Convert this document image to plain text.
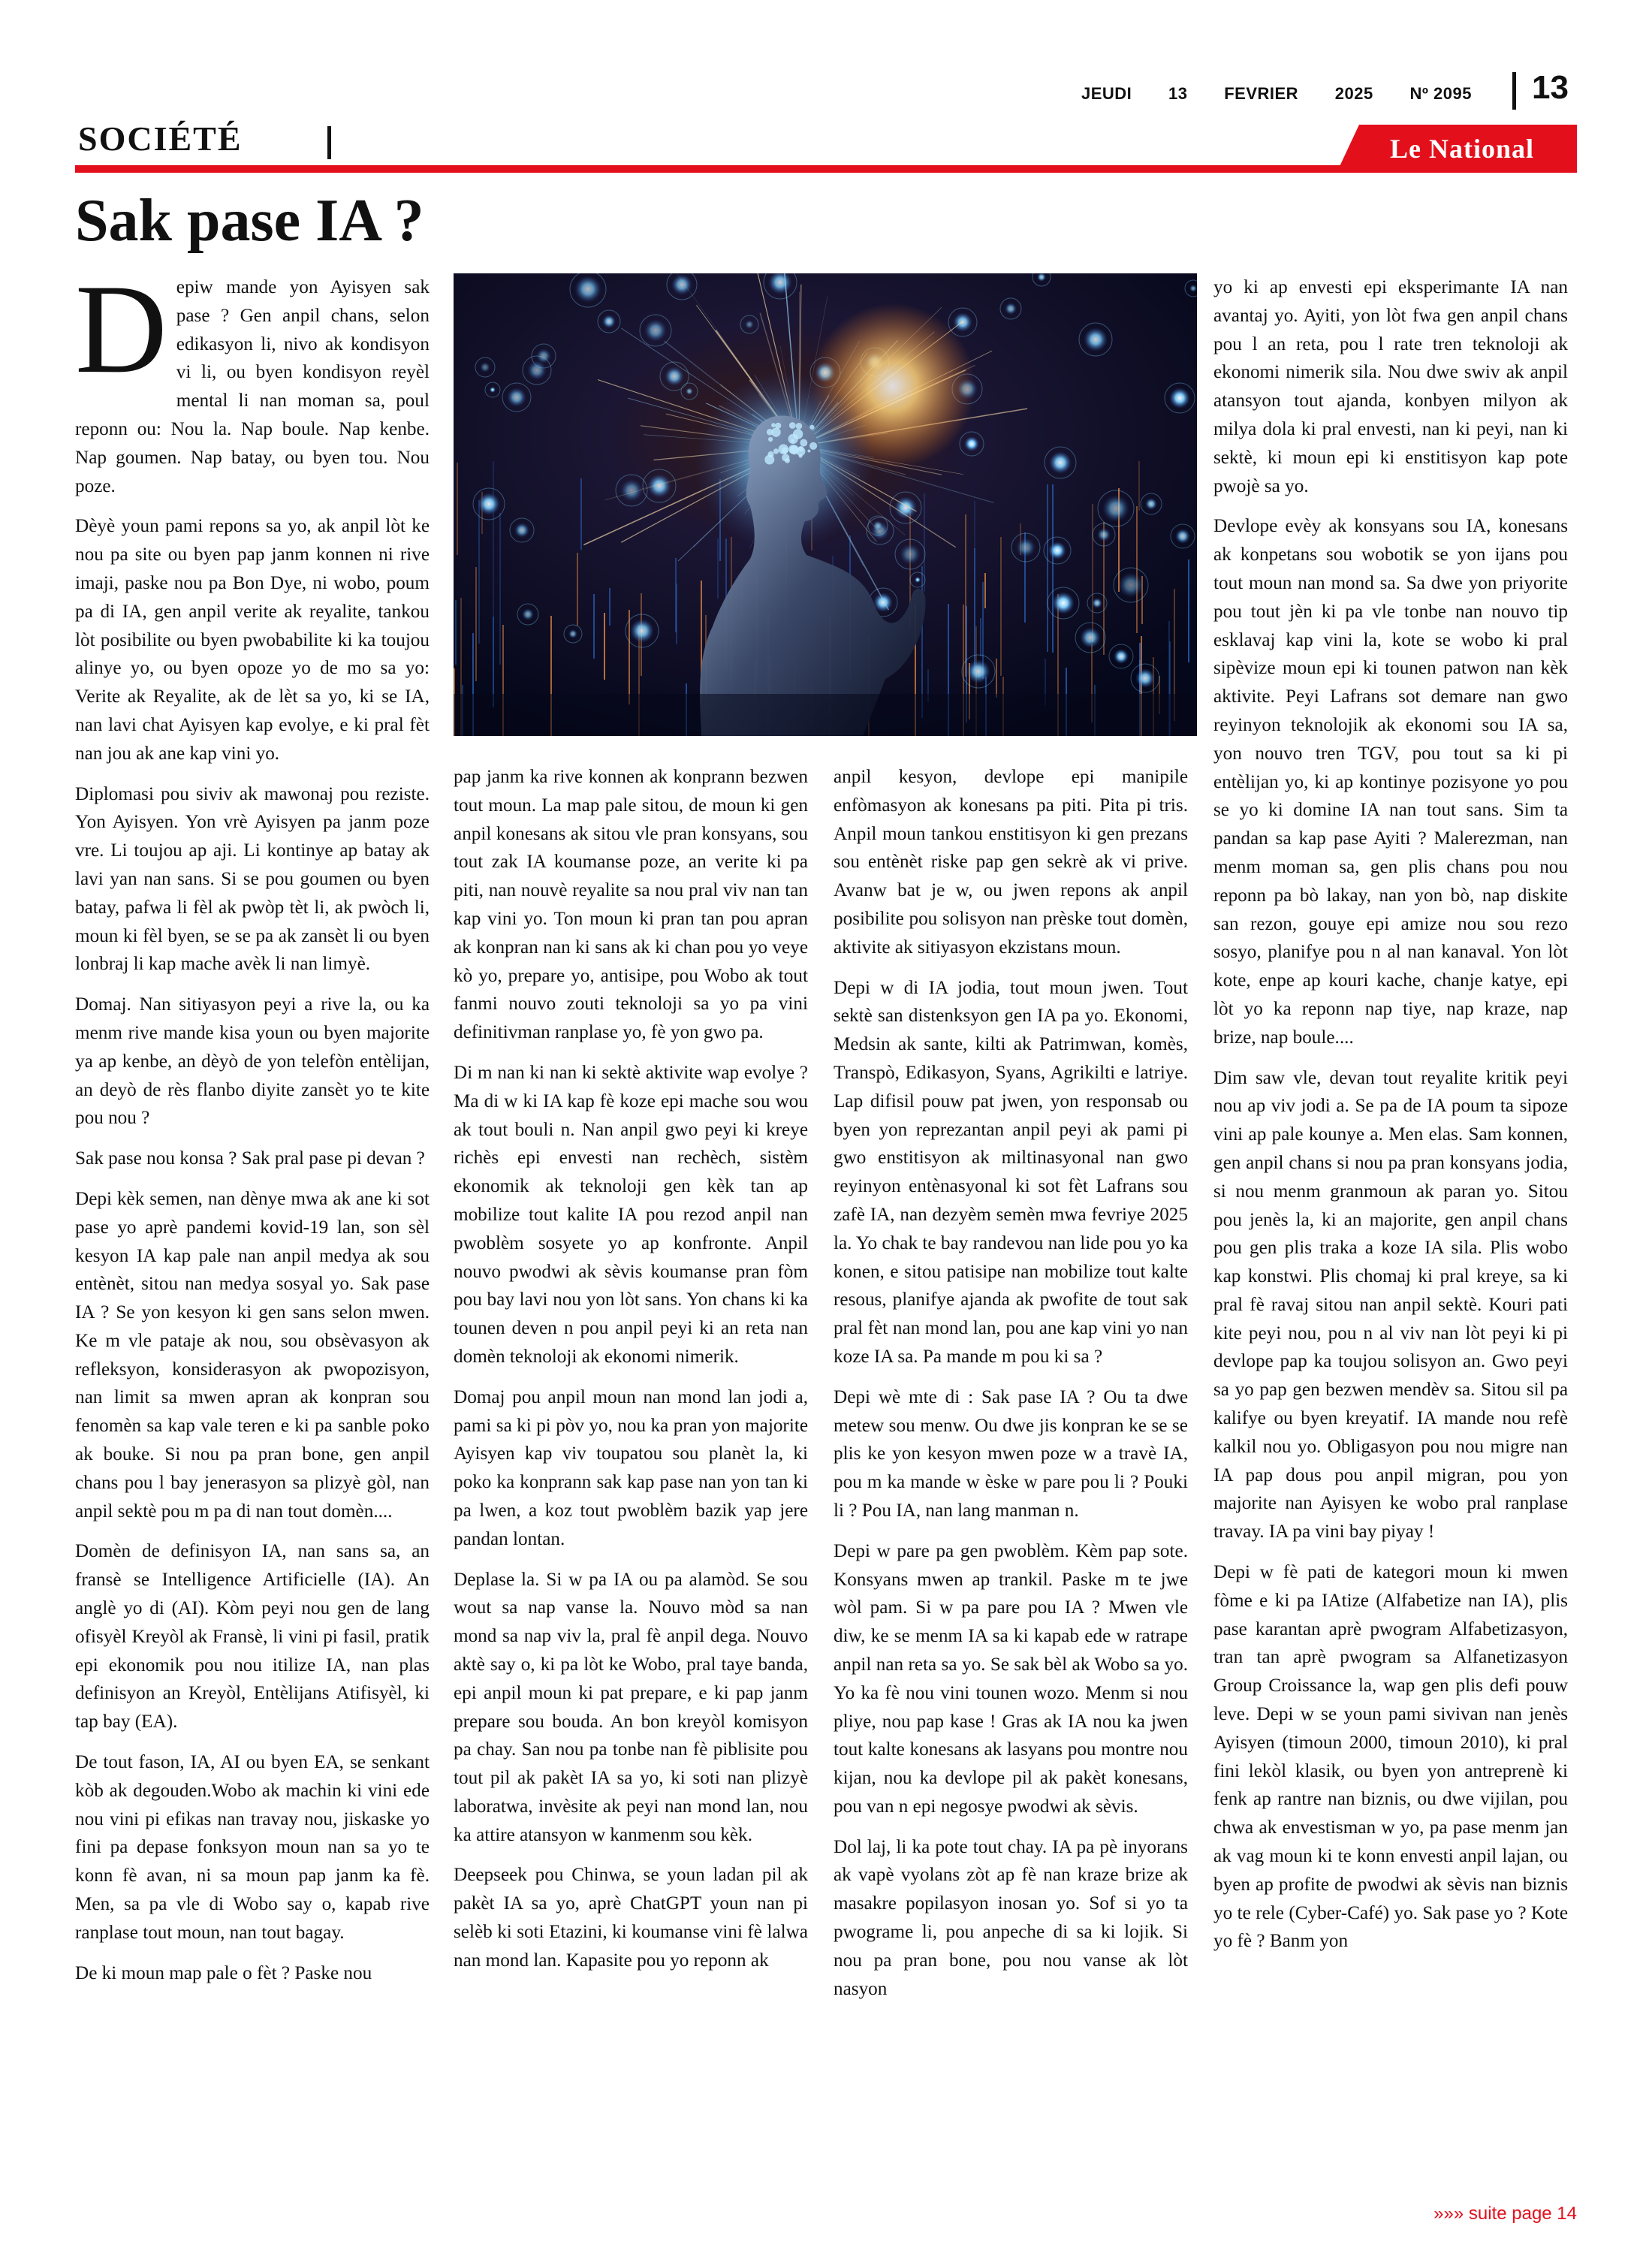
JEUDI 13 FEVRIER 2025 Nº 2095 13
SOCIÉTÉ	Le National
Sak pase IA ?

Depiw mande yon Ayisyen sak pase ? Gen anpil chans, selon edikasyon li, nivo ak kondisyon vi li, ou byen kondisyon reyèl mental li nan moman sa, poul reponn ou: Nou la. Nap boule. Nap kenbe. Nap goumen. Nap batay, ou byen tou. Nou poze.

Dèyè youn pami repons sa yo, ak anpil lòt ke nou pa site ou byen pap janm konnen ni rive imaji, paske nou pa Bon Dye, ni wobo, poum pa di IA, gen anpil verite ak reyalite, tankou lòt posibilite ou byen pwobabilite ki ka toujou alinye yo, ou byen opoze yo de mo sa yo: Verite ak Reyalite, ak de lèt sa yo, ki se IA, nan lavi chat Ayisyen kap evolye, e ki pral fèt nan jou ak ane kap vini yo.

Diplomasi pou siviv ak mawonaj pou reziste. Yon Ayisyen. Yon vrè Ayisyen pa janm poze vre. Li toujou ap aji. Li kontinye ap batay ak lavi yan nan sans. Si se pou goumen ou byen batay, pafwa li fèl ak pwòp tèt li, ak pwòch li, moun ki fèl byen, se se pa ak zansèt li ou byen lonbraj li kap mache avèk li nan limyè.

Domaj. Nan sitiyasyon peyi a rive la, ou ka menm rive mande kisa youn ou byen majorite ya ap kenbe, an dèyò de yon telefòn entèlijan, an deyò de rès flanbo diyite zansèt yo te kite pou nou ?

Sak pase nou konsa ? Sak pral pase pi devan ?

Depi kèk semen, nan dènye mwa ak ane ki sot pase yo aprè pandemi kovid-19 lan, son sèl kesyon IA kap pale nan anpil medya ak sou entènèt, sitou nan medya sosyal yo. Sak pase IA ? Se yon kesyon ki gen sans selon mwen. Ke m vle pataje ak nou, sou obsèvasyon ak refleksyon, konsiderasyon ak pwopozisyon, nan limit sa mwen apran ak konpran sou fenomèn sa kap vale teren e ki pa sanble poko ak bouke. Si nou pa pran bone, gen anpil chans pou l bay jenerasyon sa plizyè gòl, nan anpil sektè pou m pa di nan tout domèn....

Domèn de definisyon IA, nan sans sa, an fransè se Intelligence Artificielle (IA). An anglè yo di (AI). Kòm peyi nou gen de lang ofisyèl Kreyòl ak Fransè, li vini pi fasil, pratik epi ekonomik pou nou itilize IA, nan plas definisyon an Kreyòl, Entèlijans Atifisyèl, ki tap bay (EA).

De tout fason, IA, AI ou byen EA, se senkant kòb ak degouden.Wobo ak machin ki vini ede nou vini pi efikas nan travay nou, jiskaske yo fini pa depase fonksyon moun nan sa yo te konn fè avan, ni sa moun pap janm ka fè. Men, sa pa vle di Wobo say o, kapab rive ranplase tout moun, nan tout bagay.

De ki moun map pale o fèt ? Paske nou

pap janm ka rive konnen ak konprann bezwen tout moun. La map pale sitou, de moun ki gen anpil konesans ak sitou vle pran konsyans, sou tout zak IA koumanse poze, an verite ki pa piti, nan nouvè reyalite sa nou pral viv nan tan kap vini yo. Ton moun ki pran tan pou apran ak konpran nan ki sans ak ki chan pou yo veye kò yo, prepare yo, antisipe, pou Wobo ak tout fanmi nouvo zouti teknoloji sa yo pa vini definitivman ranplase yo, fè yon gwo pa.

Di m nan ki nan ki sektè aktivite wap evolye ? Ma di w ki IA kap fè koze epi mache sou wou ak tout bouli n. Nan anpil gwo peyi ki kreye richès epi envesti nan rechèch, sistèm ekonomik ak teknoloji gen kèk tan ap mobilize tout kalite IA pou rezod anpil nan pwoblèm sosyete yo ap konfronte. Anpil nouvo pwodwi ak sèvis koumanse pran fòm pou bay lavi nou yon lòt sans. Yon chans ki ka tounen deven n pou anpil peyi ki an reta nan domèn teknoloji ak ekonomi nimerik.

Domaj pou anpil moun nan mond lan jodi a, pami sa ki pi pòv yo, nou ka pran yon majorite Ayisyen kap viv toupatou sou planèt la, ki poko ka konprann sak kap pase nan yon tan ki pa lwen, a koz tout pwoblèm bazik yap jere pandan lontan.

Deplase la. Si w pa IA ou pa alamòd. Se sou wout sa nap vanse la. Nouvo mòd sa nan mond sa nap viv la, pral fè anpil dega. Nouvo aktè say o, ki pa lòt ke Wobo, pral taye banda, epi anpil moun ki pat prepare, e ki pap janm prepare sou bouda. An bon kreyòl komisyon pa chay. San nou pa tonbe nan fè piblisite pou tout pil ak pakèt IA sa yo, ki soti nan plizyè laboratwa, invèsite ak peyi nan mond lan, nou ka attire atansyon w kanmenm sou kèk.

Deepseek pou Chinwa, se youn ladan pil ak pakèt IA sa yo, aprè ChatGPT youn nan pi selèb ki soti Etazini, ki koumanse vini fè lalwa nan mond lan. Kapasite pou yo reponn ak

anpil kesyon, devlope epi manipile enfòmasyon ak konesans pa piti. Pita pi tris. Anpil moun tankou enstitisyon ki gen prezans sou entènèt riske pap gen sekrè ak vi prive. Avanw bat je w, ou jwen repons ak anpil posibilite pou solisyon nan prèske tout domèn, aktivite ak sitiyasyon ekzistans moun.

Depi w di IA jodia, tout moun jwen. Tout sektè san distenksyon gen IA pa yo. Ekonomi, Medsin ak sante, kilti ak Patrimwan, komès, Transpò, Edikasyon, Syans, Agrikilti e latriye. Lap difisil pouw pat jwen, yon responsab ou byen yon reprezantan anpil peyi ak pami pi gwo enstitisyon ak miltinasyonal nan gwo reyinyon entènasyonal ki sot fèt Lafrans sou zafè IA, nan dezyèm semèn mwa fevriye 2025 la. Yo chak te bay randevou nan lide pou yo ka konen, e sitou patisipe nan mobilize tout kalte resous, planifye ajanda ak pwofite de tout sak pral fèt nan mond lan, pou ane kap vini yo nan koze IA sa. Pa mande m pou ki sa ?

Depi wè mte di : Sak pase IA ? Ou ta dwe metew sou menw. Ou dwe jis konpran ke se se plis ke yon kesyon mwen poze w a travè IA, pou m ka mande w èske w pare pou li ? Pouki li ? Pou IA, nan lang manman n.

Depi w pare pa gen pwoblèm. Kèm pap sote. Konsyans mwen ap trankil. Paske m te jwe wòl pam. Si w pa pare pou IA ? Mwen vle diw, ke se menm IA sa ki kapab ede w ratrape anpil nan reta sa yo. Se sak bèl ak Wobo sa yo. Yo ka fè nou vini tounen wozo. Menm si nou pliye, nou pap kase ! Gras ak IA nou ka jwen tout kalte konesans ak lasyans pou montre nou kijan, nou ka devlope pil ak pakèt konesans, pou van n epi negosye pwodwi ak sèvis.

Dol laj, li ka pote tout chay. IA pa pè inyorans ak vapè vyolans zòt ap fè nan kraze brize ak masakre popilasyon inosan yo. Sof si yo ta pwograme li, pou anpeche di sa ki lojik. Si nou pa pran bone, pou nou vanse ak lòt nasyon

yo ki ap envesti epi eksperimante IA nan avantaj yo. Ayiti, yon lòt fwa gen anpil chans pou l an reta, pou l rate tren teknoloji ak ekonomi nimerik sila. Nou dwe swiv ak anpil atansyon tout ajanda, konbyen milyon ak milya dola ki pral envesti, nan ki peyi, nan ki sektè, ki moun epi ki enstitisyon kap pote pwojè sa yo.

Devlope evèy ak konsyans sou IA, konesans ak konpetans sou wobotik se yon ijans pou tout moun nan mond sa. Sa dwe yon priyorite pou tout jèn ki pa vle tonbe nan nouvo tip esklavaj kap vini la, kote se wobo ki pral sipèvize moun epi ki tounen patwon nan kèk aktivite. Peyi Lafrans sot demare nan gwo reyinyon teknolojik ak ekonomi sou IA sa, yon nouvo tren TGV, pou tout sa ki pi entèlijan yo, ki ap kontinye pozisyone yo pou se yo ki domine IA nan tout sans. Sim ta pandan sa kap pase Ayiti ? Malerezman, nan menm moman sa, gen plis chans pou nou reponn pa bò lakay, nan yon bò, nap diskite san rezon, gouye epi amize nou sou rezo sosyo, planifye pou n al nan kanaval. Yon lòt kote, enpe ap kouri kache, chanje katye, epi lòt yo ka reponn nap tiye, nap kraze, nap brize, nap boule....

Dim saw vle, devan tout reyalite kritik peyi nou ap viv jodi a. Se pa de IA poum ta sipoze vini ap pale kounye a. Men elas. Sam konnen, gen anpil chans si nou pa pran konsyans jodia, si nou menm granmoun ak paran yo. Sitou pou jenès la, ki an majorite, gen anpil chans pou gen plis traka a koze IA sila. Plis wobo kap konstwi. Plis chomaj ki pral kreye, sa ki pral fè ravaj sitou nan anpil sektè. Kouri pati kite peyi nou, pou n al viv nan lòt peyi ki pi devlope pap ka toujou solisyon an. Gwo peyi sa yo pap gen bezwen mendèv sa. Sitou sil pa kalifye ou byen kreyatif. IA mande nou refè kalkil nou yo. Obligasyon pou nou migre nan IA pap dous pou anpil migran, pou yon majorite nan Ayisyen ke wobo pral ranplase travay. IA pa vini bay piyay !

Depi w fè pati de kategori moun ki mwen fòme e ki pa IAtize (Alfabetize nan IA), plis pase karantan aprè pwogram Alfabetizasyon, tran tan aprè pwogram sa Alfanetizasyon Group Croissance la, wap gen plis defi pouw leve. Depi w se youn pami sivivan nan jenès Ayisyen (timoun 2000, timoun 2010), ki pral fini lekòl klasik, ou byen yon antreprenè ki fenk ap rantre nan biznis, ou dwe vijilan, pou chwa ak envestisman w yo, pa pase menm jan ak vag moun ki te konn envesti anpil lajan, ou byen ap profite de pwodwi ak sèvis nan biznis yo te rele (Cyber-Café) yo. Sak pase yo ? Kote yo fè ? Banm yon

»»» suite page 14
